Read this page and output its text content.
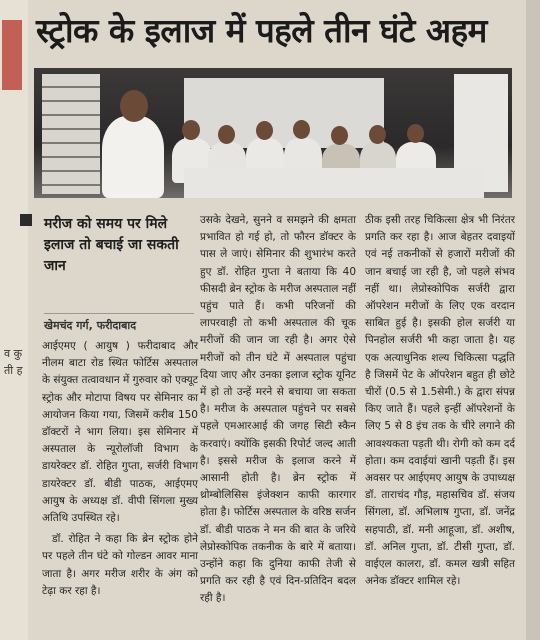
व कु ती ह
स्ट्रोक के इलाज में पहले तीन घंटे अहम
मरीज को समय पर मिले इलाज तो बचाई जा सकती जान
खेमचंद गर्ग, फरीदाबाद

आईएमए ( आयुष ) फरीदाबाद और नीलम बाटा रोड स्थित फोर्टिस अस्पताल के संयुक्त तत्वावधान में गुरुवार को एक्यूट स्ट्रोक और मोटापा विषय पर सेमिनार का आयोजन किया गया, जिसमें करीब 150 डॉक्टरों ने भाग लिया। इस सेमिनार में अस्पताल के न्यूरोलॉजी विभाग के डायरेक्टर डॉ. रोहित गुप्ता, सर्जरी विभाग डायरेक्टर डॉ. बीडी पाठक, आईएमए आयुष के अध्यक्ष डॉ. वीपी सिंगला मुख्य अतिथि उपस्थित रहे।

डॉ. रोहित ने कहा कि ब्रेन स्ट्रोक होने पर पहले तीन घंटे को गोल्डन आवर माना जाता है। अगर मरीज शरीर के अंग को टेढ़ा कर रहा है।

उसके देखने, सुनने व समझने की क्षमता प्रभावित हो गई हो, तो फौरन डॉक्टर के पास ले जाएं। सेमिनार की शुभारंभ करते हुए डॉ. रोहित गुप्ता ने बताया कि 40 फीसदी ब्रेन स्ट्रोक के मरीज अस्पताल नहीं पहुंच पाते हैं। कभी परिजनों की लापरवाही तो कभी अस्पताल की चूक मरीजों की जान जा रही है। अगर ऐसे मरीजों को तीन घंटे में अस्पताल पहुंचा दिया जाए और उनका इलाज स्ट्रोक यूनिट में हो तो उन्हें मरने से बचाया जा सकता है। मरीज के अस्पताल पहुंचने पर सबसे पहले एमआरआई की जगह सिटी स्कैन करवाएं। क्योंकि इसकी रिपोर्ट जल्द आती है। इससे मरीज के इलाज करने में आसानी होती है। ब्रेन स्ट्रोक में थ्रोम्बोलिसिस इंजेक्शन काफी कारगार होता है। फोर्टिस अस्पताल के वरिष्ठ सर्जन डॉ. बीडी पाठक ने मन की बात के जरिये लेप्रोस्कोपिक तकनीक के बारे में बताया। उन्होंने कहा कि दुनिया काफी तेजी से प्रगति कर रही है एवं दिन-प्रतिदिन बदल रही है।

ठीक इसी तरह चिकित्सा क्षेत्र भी निरंतर प्रगति कर रहा है। आज बेहतर दवाइयों एवं नई तकनीकों से हजारों मरीजों की जान बचाई जा रही है, जो पहले संभव नहीं था। लेप्रोस्कोपिक सर्जरी द्वारा ऑपरेशन मरीजों के लिए एक वरदान साबित हुई है। इसकी होल सर्जरी या पिनहोल सर्जरी भी कहा जाता है। यह एक अत्याधुनिक शल्य चिकित्सा पद्धति है जिसमें पेट के ऑपरेशन बहुत ही छोटे चीरों (0.5 से 1.5सेमी.) के द्वारा संपन्न किए जाते हैं। पहले इन्हीं ऑपरेशनों के लिए 5 से 8 इंच तक के चीरे लगाने की आवश्यकता पड़ती थी। रोगी को कम दर्द होता। कम दवाईयां खानी पड़ती हैं। इस अवसर पर आईएमए आयुष के उपाध्यक्ष डॉ. ताराचंद गौड़, महासचिव डॉ. संजय सिंगला, डॉ. अभिलाष गुप्ता, डॉ. जनेंद्र सहपाठी, डॉ. मनी आहूजा, डॉ. अशीष, डॉ. अनिल गुप्ता, डॉ. टीसी गुप्ता, डॉ. वाईएल कालरा, डॉ. कमल खत्री सहित अनेक डॉक्टर शामिल रहे।
